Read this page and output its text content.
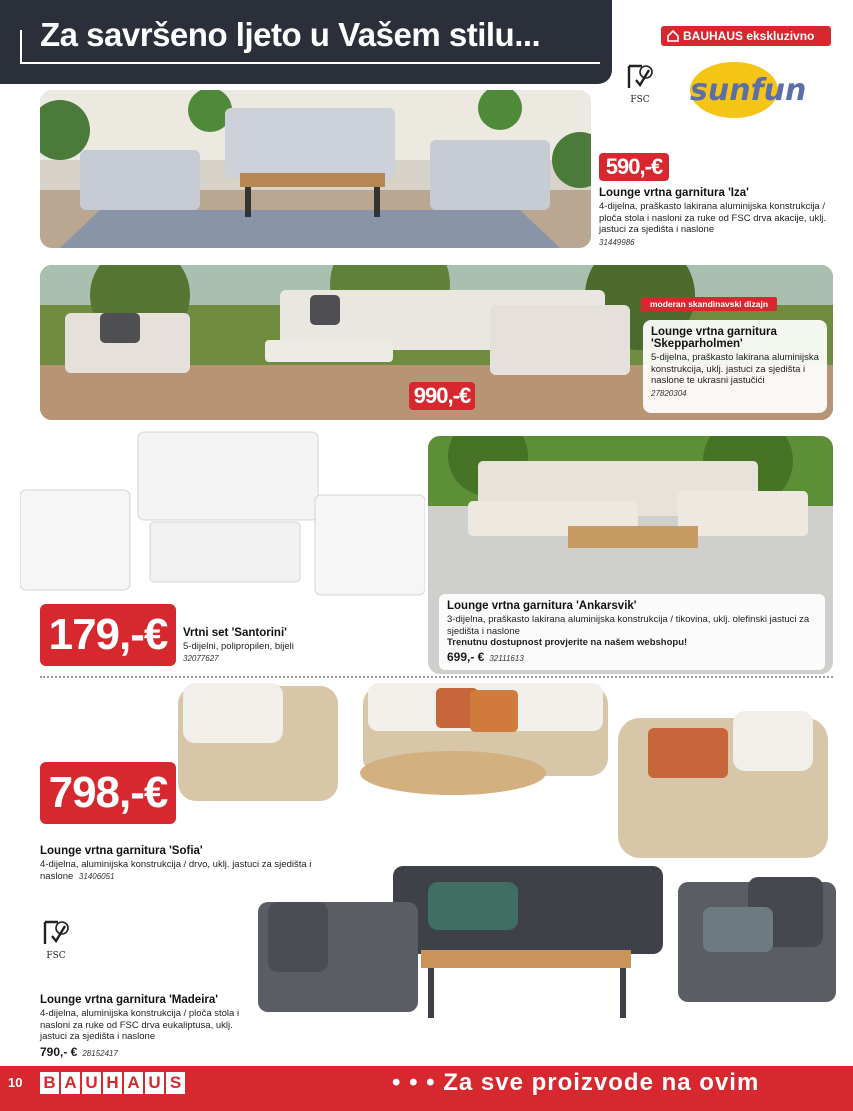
Za savršeno ljeto u Vašem stilu...	BAUHAUS ekskluzivno
FSC sunfun
590,-€
Lounge vrtna garnitura 'Iza'
4-dijelna, praškasto lakirana aluminijska konstrukcija / ploča stola i nasloni za ruke od FSC drva akacije, uklj. jastuci za sjedišta i naslone
31449986
moderan skandinavski dizajn
990,-€
Lounge vrtna garnitura 'Skepparholmen'
5-dijelna, praškasto lakirana aluminijska konstrukcija, uklj. jastuci za sjedišta i naslone te ukrasni jastučići
27820304
179,-€	Vrtni set 'Santorini'
5-dijelni, polipropilen, bijeli
32077627
Lounge vrtna garnitura 'Ankarsvik'
3-dijelna, praškasto lakirana aluminijska konstrukcija / tikovina, uklj. olefinski jastuci za sjedišta i naslone
Trenutnu dostupnost provjerite na našem webshopu!
699,- € 32111613
798,-€
Lounge vrtna garnitura 'Sofia'
4-dijelna, aluminijska konstrukcija / drvo, uklj. jastuci za sjedišta i naslone 31406051
FSC
Lounge vrtna garnitura 'Madeira'
4-dijelna, aluminijska konstrukcija / ploča stola i nasloni za ruke od FSC drva eukaliptusa, uklj. jastuci za sjedišta i naslone
790,- € 28152417
10 B A U H A U S	• • • Za sve proizvode na ovim
